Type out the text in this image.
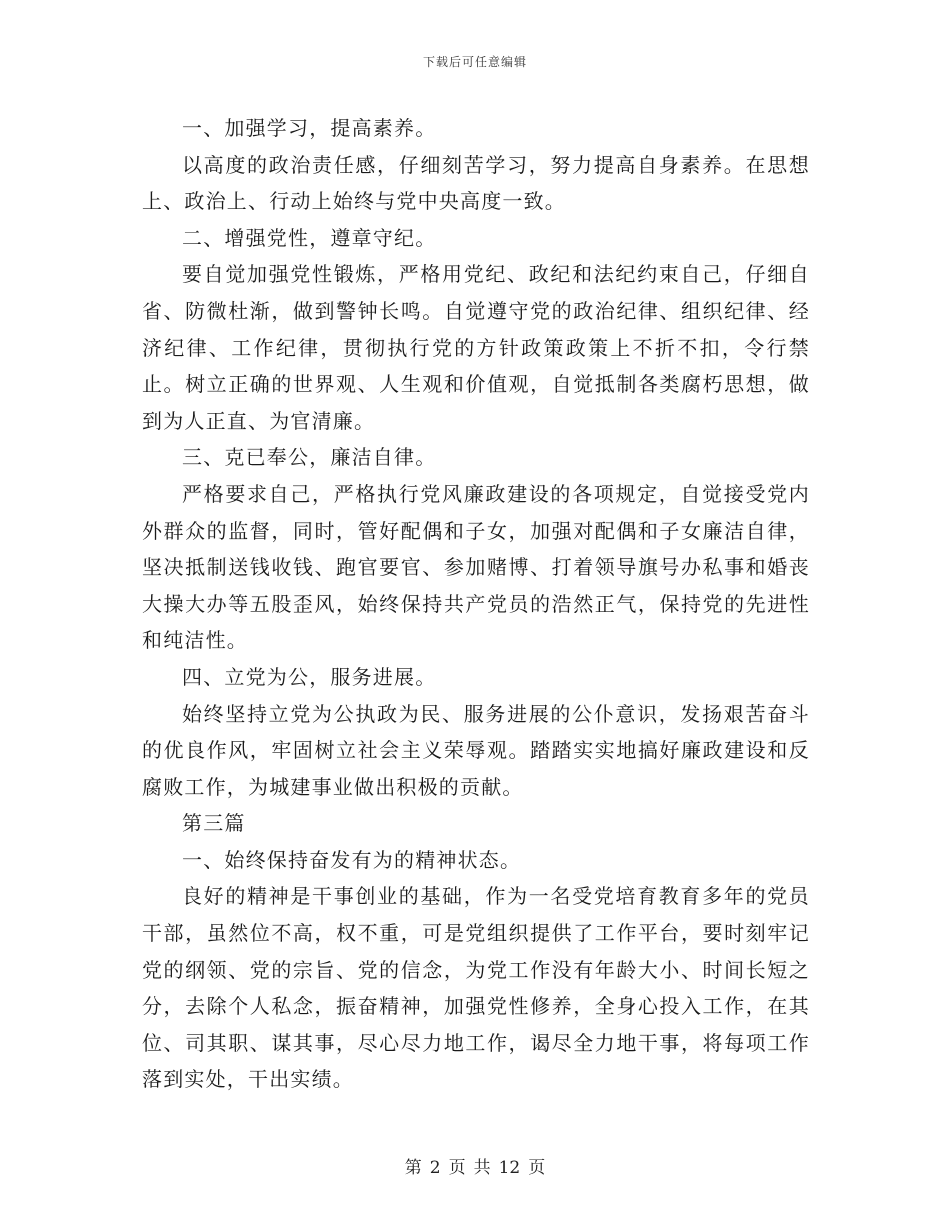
下载后可任意编辑

一、加强学习，提高素养。

以高度的政治责任感，仔细刻苦学习，努力提高自身素养。在思想上、政治上、行动上始终与党中央高度一致。

二、增强党性，遵章守纪。

要自觉加强党性锻炼，严格用党纪、政纪和法纪约束自己，仔细自省、防微杜渐，做到警钟长鸣。自觉遵守党的政治纪律、组织纪律、经济纪律、工作纪律，贯彻执行党的方针政策政策上不折不扣，令行禁止。树立正确的世界观、人生观和价值观，自觉抵制各类腐朽思想，做到为人正直、为官清廉。

三、克已奉公，廉洁自律。

严格要求自己，严格执行党风廉政建设的各项规定，自觉接受党内外群众的监督，同时，管好配偶和子女，加强对配偶和子女廉洁自律，坚决抵制送钱收钱、跑官要官、参加赌博、打着领导旗号办私事和婚丧大操大办等五股歪风，始终保持共产党员的浩然正气，保持党的先进性和纯洁性。

四、立党为公，服务进展。

始终坚持立党为公执政为民、服务进展的公仆意识，发扬艰苦奋斗的优良作风，牢固树立社会主义荣辱观。踏踏实实地搞好廉政建设和反腐败工作，为城建事业做出积极的贡献。

第三篇

一、始终保持奋发有为的精神状态。

良好的精神是干事创业的基础，作为一名受党培育教育多年的党员干部，虽然位不高，权不重，可是党组织提供了工作平台，要时刻牢记党的纲领、党的宗旨、党的信念，为党工作没有年龄大小、时间长短之分，去除个人私念，振奋精神，加强党性修养，全身心投入工作，在其位、司其职、谋其事，尽心尽力地工作，谒尽全力地干事，将每项工作落到实处，干出实绩。

第 2 页 共 12 页
